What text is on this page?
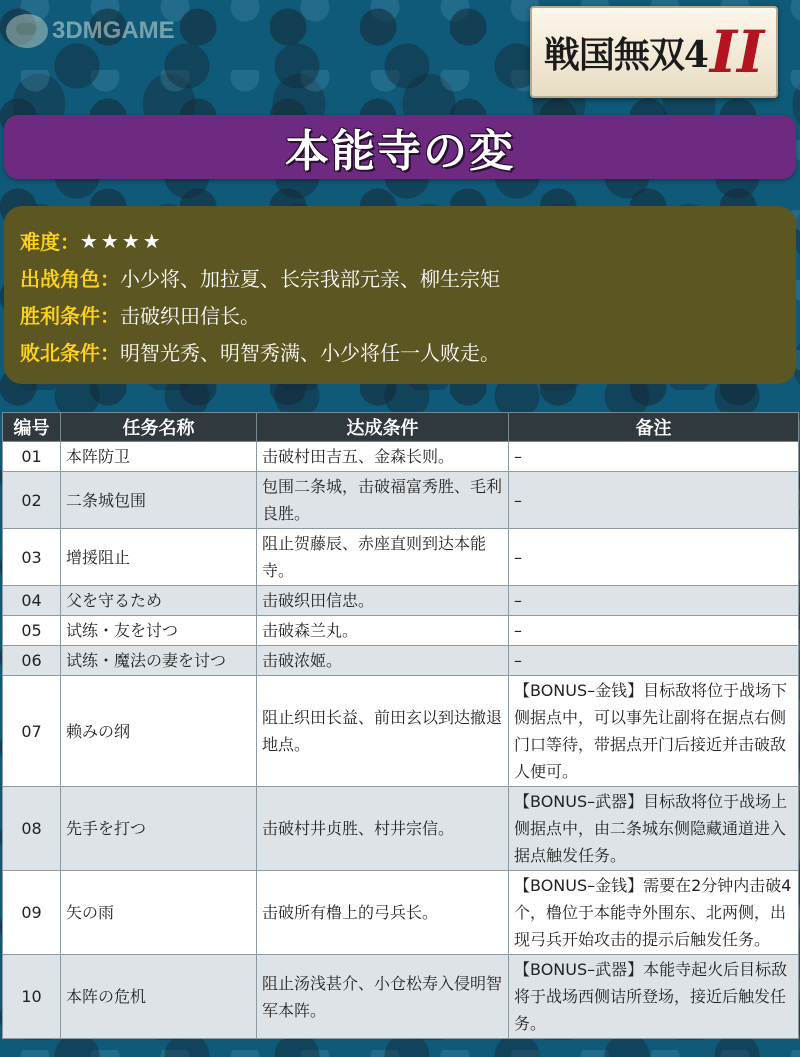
3DMGAME
戦国無双4 II
本能寺の変
难度： ★★★★
出战角色： 小少将、加拉夏、长宗我部元亲、柳生宗矩
胜利条件： 击破织田信长。
败北条件： 明智光秀、明智秀满、小少将任一人败走。
编号	任务名称	达成条件	备注
01	本阵防卫	击破村田吉五、金森长则。	–
02	二条城包围	包围二条城，击破福富秀胜、毛利良胜。	–
03	增援阻止	阻止贺藤辰、赤座直则到达本能寺。	–
04	父を守るため	击破织田信忠。	–
05	试练・友を讨つ	击破森兰丸。	–
06	试练・魔法の妻を讨つ	击破浓姬。	–
07	赖みの纲	阻止织田长益、前田玄以到达撤退地点。	【BONUS–金钱】目标敌将位于战场下侧据点中，可以事先让副将在据点右侧门口等待，带据点开门后接近并击破敌人便可。
08	先手を打つ	击破村井贞胜、村井宗信。	【BONUS–武器】目标敌将位于战场上侧据点中，由二条城东侧隐藏通道进入据点触发任务。
09	矢の雨	击破所有橹上的弓兵长。	【BONUS–金钱】需要在2分钟内击破4个，橹位于本能寺外围东、北两侧，出现弓兵开始攻击的提示后触发任务。
10	本阵の危机	阻止汤浅甚介、小仓松寿入侵明智军本阵。	【BONUS–武器】本能寺起火后目标敌将于战场西侧诘所登场，接近后触发任务。
